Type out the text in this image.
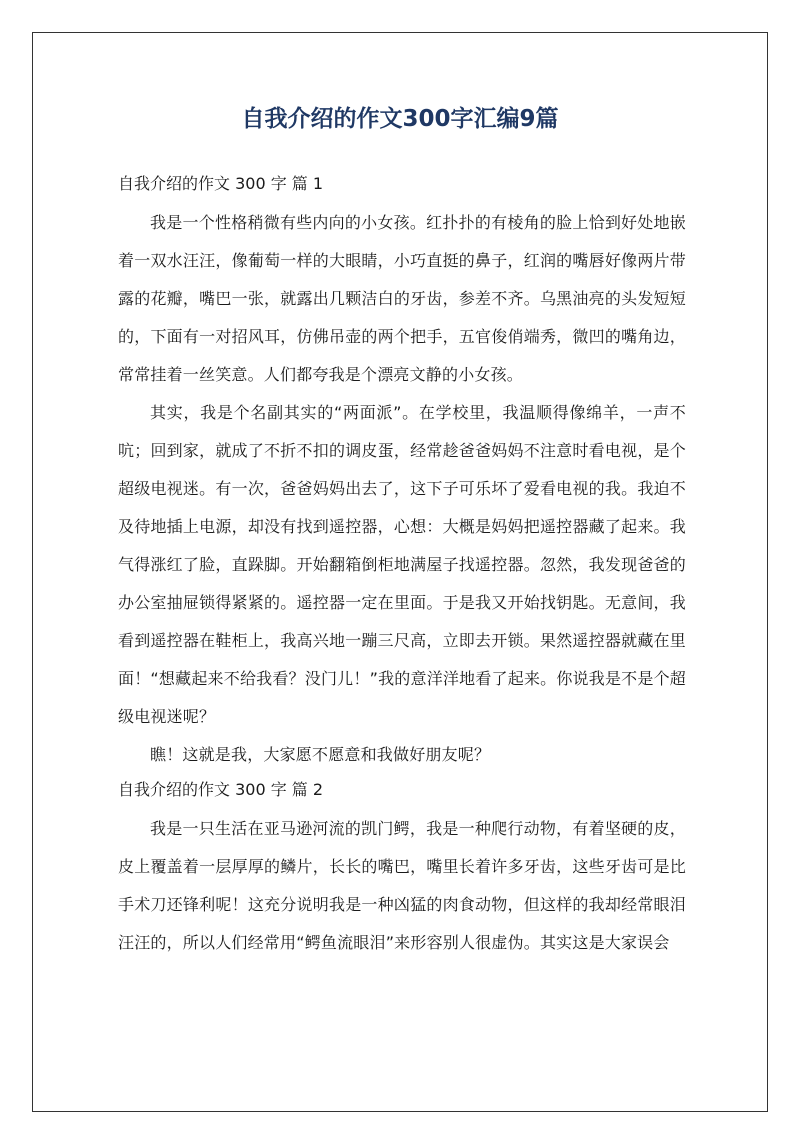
自我介绍的作文300字汇编9篇

自我介绍的作文 300 字 篇 1

我是一个性格稍微有些内向的小女孩。红扑扑的有棱角的脸上恰到好处地嵌着一双水汪汪，像葡萄一样的大眼睛，小巧直挺的鼻子，红润的嘴唇好像两片带露的花瓣，嘴巴一张，就露出几颗洁白的牙齿，参差不齐。乌黑油亮的头发短短的，下面有一对招风耳，仿佛吊壶的两个把手，五官俊俏端秀，微凹的嘴角边，常常挂着一丝笑意。人们都夸我是个漂亮文静的小女孩。

其实，我是个名副其实的“两面派”。在学校里，我温顺得像绵羊，一声不吭；回到家，就成了不折不扣的调皮蛋，经常趁爸爸妈妈不注意时看电视，是个超级电视迷。有一次，爸爸妈妈出去了，这下子可乐坏了爱看电视的我。我迫不及待地插上电源，却没有找到遥控器，心想：大概是妈妈把遥控器藏了起来。我气得涨红了脸，直跺脚。开始翻箱倒柜地满屋子找遥控器。忽然，我发现爸爸的办公室抽屉锁得紧紧的。遥控器一定在里面。于是我又开始找钥匙。无意间，我看到遥控器在鞋柜上，我高兴地一蹦三尺高，立即去开锁。果然遥控器就藏在里面！“想藏起来不给我看？没门儿！”我的意洋洋地看了起来。你说我是不是个超级电视迷呢？

瞧！这就是我，大家愿不愿意和我做好朋友呢？

自我介绍的作文 300 字 篇 2

我是一只生活在亚马逊河流的凯门鳄，我是一种爬行动物，有着坚硬的皮，皮上覆盖着一层厚厚的鳞片，长长的嘴巴，嘴里长着许多牙齿，这些牙齿可是比手术刀还锋利呢！这充分说明我是一种凶猛的肉食动物，但这样的我却经常眼泪汪汪的，所以人们经常用“鳄鱼流眼泪”来形容别人很虚伪。其实这是大家误会
